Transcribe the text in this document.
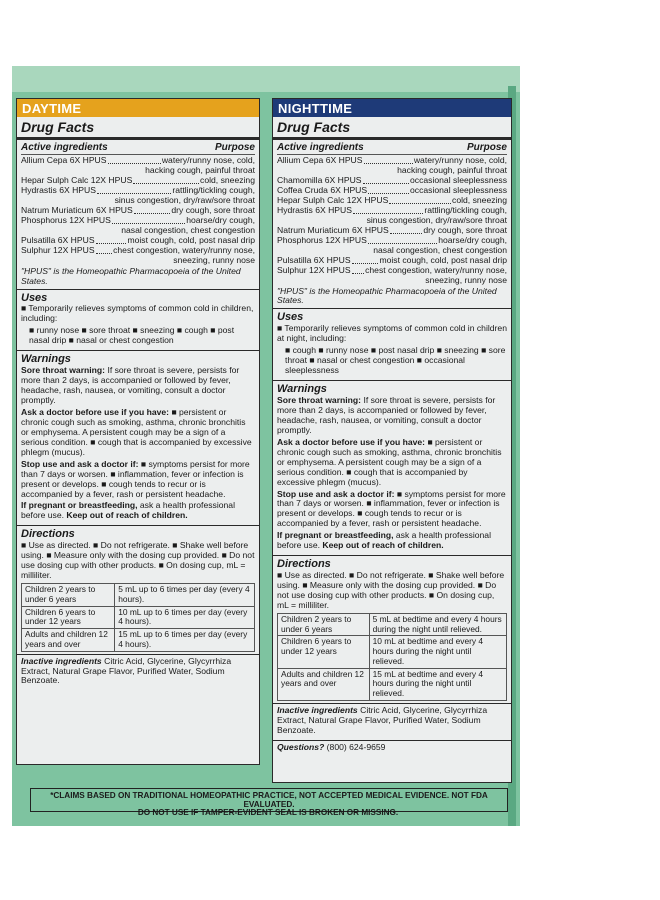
DAYTIME
Drug Facts
Active ingredients	Purpose
Allium Cepa 6X HPUS	watery/runny nose, cold,
hacking cough, painful throat
Hepar Sulph Calc 12X HPUS	cold, sneezing
Hydrastis 6X HPUS	rattling/tickling cough,
sinus congestion, dry/raw/sore throat
Natrum Muriaticum 6X HPUS	dry cough, sore throat
Phosphorus 12X HPUS	hoarse/dry cough,
nasal congestion, chest congestion
Pulsatilla 6X HPUS	moist cough, cold, post nasal drip
Sulphur 12X HPUS chest congestion, watery/runny nose,
sneezing, runny nose
"HPUS" is the Homeopathic Pharmacopoeia of the United States.
Uses

■ Temporarily relieves symptoms of common cold in children, including:

■ runny nose ■ sore throat ■ sneezing ■ cough ■ post nasal drip ■ nasal or chest congestion

Warnings

Sore throat warning: If sore throat is severe, persists for more than 2 days, is accompanied or followed by fever, headache, rash, nausea, or vomiting, consult a doctor promptly.

Ask a doctor before use if you have: ■ persistent or chronic cough such as smoking, asthma, chronic bronchitis or emphysema. A persistent cough may be a sign of a serious condition. ■ cough that is accompanied by excessive phlegm (mucus).

Stop use and ask a doctor if: ■ symptoms persist for more than 7 days or worsen. ■ inflammation, fever or infection is present or develops. ■ cough tends to recur or is accompanied by a fever, rash or persistent headache.

If pregnant or breastfeeding, ask a health professional before use. Keep out of reach of children.

Directions

■ Use as directed. ■ Do not refrigerate. ■ Shake well before using. ■ Measure only with the dosing cup provided. ■ Do not use dosing cup with other products. ■ On dosing cup, mL = milliliter.

Children 2 years to under 6 years	5 mL up to 6 times per day (every 4 hours).
Children 6 years to under 12 years	10 mL up to 6 times per day (every 4 hours).
Adults and children 12 years and over	15 mL up to 6 times per day (every 4 hours).

Inactive ingredients Citric Acid, Glycerine, Glycyrrhiza Extract, Natural Grape Flavor, Purified Water, Sodium Benzoate.

NIGHTTIME
Drug Facts
Active ingredients	Purpose
Allium Cepa 6X HPUS	watery/runny nose, cold,
hacking cough, painful throat
Chamomilla 6X HPUS	occasional sleeplessness
Coffea Cruda 6X HPUS	occasional sleeplessness
Hepar Sulph Calc 12X HPUS	cold, sneezing
Hydrastis 6X HPUS	rattling/tickling cough,
sinus congestion, dry/raw/sore throat
Natrum Muriaticum 6X HPUS	dry cough, sore throat
Phosphorus 12X HPUS	hoarse/dry cough,
nasal congestion, chest congestion
Pulsatilla 6X HPUS	moist cough, cold, post nasal drip
Sulphur 12X HPUS chest congestion, watery/runny nose,
sneezing, runny nose
"HPUS" is the Homeopathic Pharmacopoeia of the United States.
Uses

■ Temporarily relieves symptoms of common cold in children at night, including:

■ cough ■ runny nose ■ post nasal drip ■ sneezing ■ sore throat ■ nasal or chest congestion ■ occasional sleeplessness

Warnings

Sore throat warning: If sore throat is severe, persists for more than 2 days, is accompanied or followed by fever, headache, rash, nausea, or vomiting, consult a doctor promptly.

Ask a doctor before use if you have: ■ persistent or chronic cough such as smoking, asthma, chronic bronchitis or emphysema. A persistent cough may be a sign of a serious condition. ■ cough that is accompanied by excessive phlegm (mucus).

Stop use and ask a doctor if: ■ symptoms persist for more than 7 days or worsen. ■ inflammation, fever or infection is present or develops. ■ cough tends to recur or is accompanied by a fever, rash or persistent headache.

If pregnant or breastfeeding, ask a health professional before use. Keep out of reach of children.

Directions

■ Use as directed. ■ Do not refrigerate. ■ Shake well before using. ■ Measure only with the dosing cup provided. ■ Do not use dosing cup with other products. ■ On dosing cup, mL = milliliter.

Children 2 years to under 6 years	5 mL at bedtime and every 4 hours during the night until relieved.
Children 6 years to under 12 years	10 mL at bedtime and every 4 hours during the night until relieved.
Adults and children 12 years and over	15 mL at bedtime and every 4 hours during the night until relieved.

Inactive ingredients Citric Acid, Glycerine, Glycyrrhiza Extract, Natural Grape Flavor, Purified Water, Sodium Benzoate.

Questions? (800) 624-9659

*CLAIMS BASED ON TRADITIONAL HOMEOPATHIC PRACTICE, NOT ACCEPTED MEDICAL EVIDENCE. NOT FDA EVALUATED.
DO NOT USE IF TAMPER-EVIDENT SEAL IS BROKEN OR MISSING.
